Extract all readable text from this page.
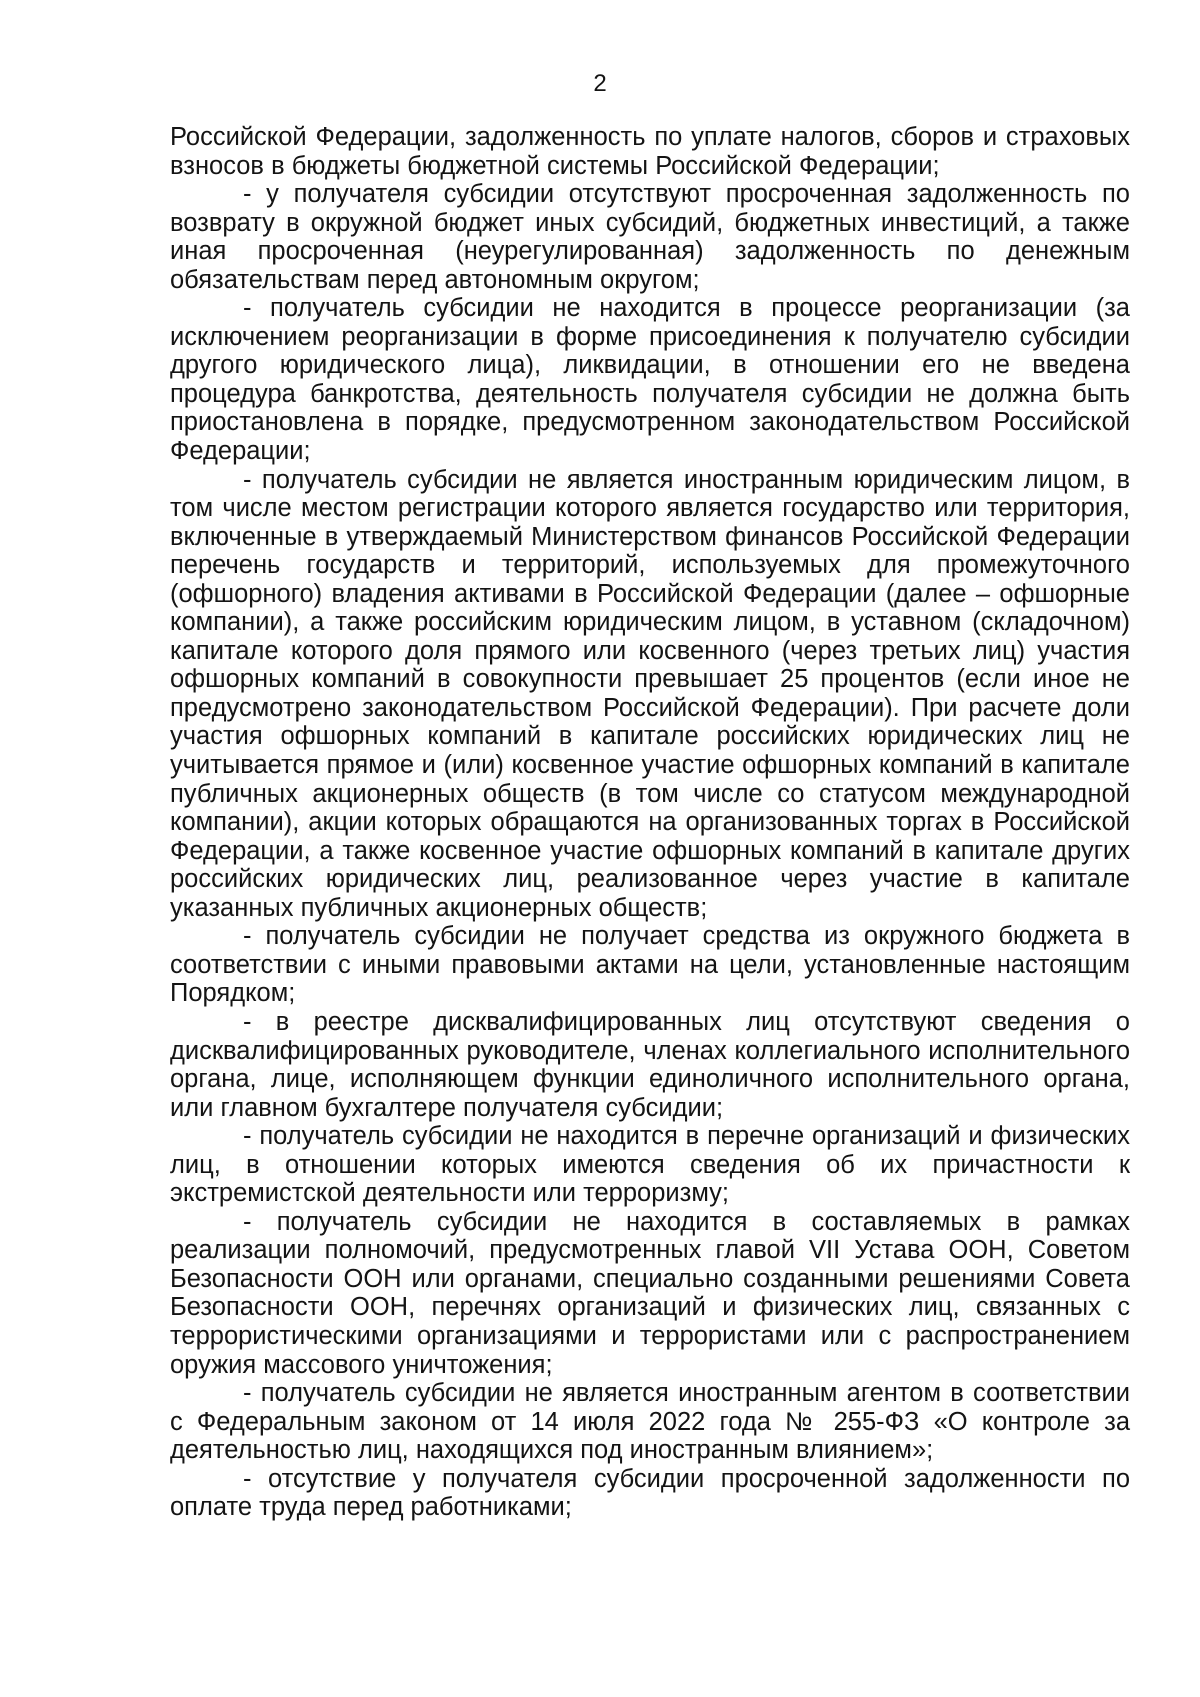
2

Российской Федерации, задолженность по уплате налогов, сборов и страховых взносов в бюджеты бюджетной системы Российской Федерации;

- у получателя субсидии отсутствуют просроченная задолженность по возврату в окружной бюджет иных субсидий, бюджетных инвестиций, а также иная просроченная (неурегулированная) задолженность по денежным обязательствам перед автономным округом;

- получатель субсидии не находится в процессе реорганизации (за исключением реорганизации в форме присоединения к получателю субсидии другого юридического лица), ликвидации, в отношении его не введена процедура банкротства, деятельность получателя субсидии не должна быть приостановлена в порядке, предусмотренном законодательством Российской Федерации;

- получатель субсидии не является иностранным юридическим лицом, в том числе местом регистрации которого является государство или территория, включенные в утверждаемый Министерством финансов Российской Федерации перечень государств и территорий, используемых для промежуточного (офшорного) владения активами в Российской Федерации (далее – офшорные компании), а также российским юридическим лицом, в уставном (складочном) капитале которого доля прямого или косвенного (через третьих лиц) участия офшорных компаний в совокупности превышает 25 процентов (если иное не предусмотрено законодательством Российской Федерации). При расчете доли участия офшорных компаний в капитале российских юридических лиц не учитывается прямое и (или) косвенное участие офшорных компаний в капитале публичных акционерных обществ (в том числе со статусом международной компании), акции которых обращаются на организованных торгах в Российской Федерации, а также косвенное участие офшорных компаний в капитале других российских юридических лиц, реализованное через участие в капитале указанных публичных акционерных обществ;

- получатель субсидии не получает средства из окружного бюджета в соответствии с иными правовыми актами на цели, установленные настоящим Порядком;

- в реестре дисквалифицированных лиц отсутствуют сведения о дисквалифицированных руководителе, членах коллегиального исполнительного органа, лице, исполняющем функции единоличного исполнительного органа, или главном бухгалтере получателя субсидии;

- получатель субсидии не находится в перечне организаций и физических лиц, в отношении которых имеются сведения об их причастности к экстремистской деятельности или терроризму;

- получатель субсидии не находится в составляемых в рамках реализации полномочий, предусмотренных главой VII Устава ООН, Советом Безопасности ООН или органами, специально созданными решениями Совета Безопасности ООН, перечнях организаций и физических лиц, связанных с террористическими организациями и террористами или с распространением оружия массового уничтожения;

- получатель субсидии не является иностранным агентом в соответствии с Федеральным законом от 14 июля 2022 года № 255-ФЗ «О контроле за деятельностью лиц, находящихся под иностранным влиянием»;

- отсутствие у получателя субсидии просроченной задолженности по оплате труда перед работниками;
